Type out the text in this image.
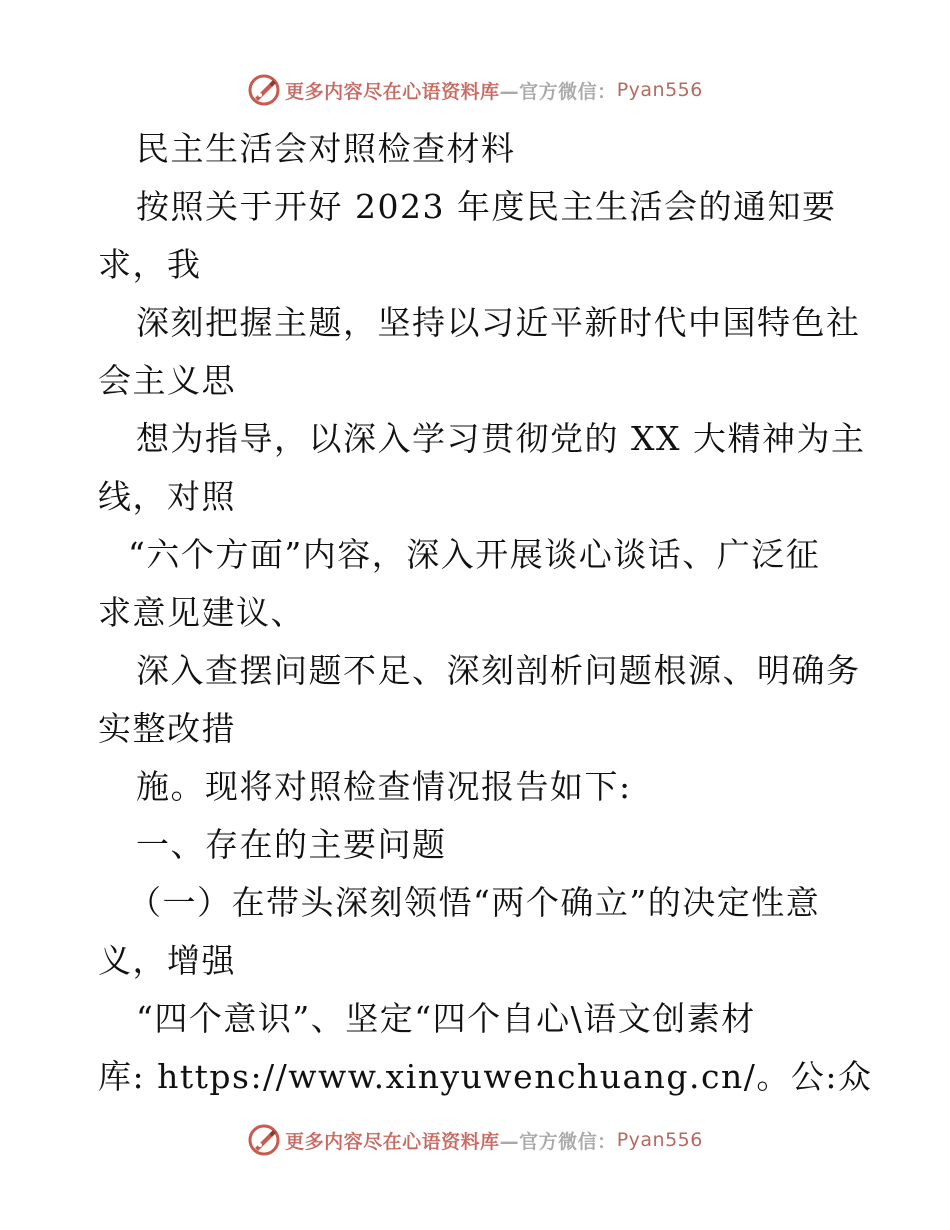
更多内容尽在心语资料库 —官方微信： Pyan556
民主生活会对照检查材料
按照关于开好 2023 年度民主生活会的通知要
求，我
深刻把握主题，坚持以习近平新时代中国特色社
会主义思
想为指导，以深入学习贯彻党的 XX 大精神为主
线，对照
“六个方面”内容，深入开展谈心谈话、广泛征
求意见建议、
深入查摆问题不足、深刻剖析问题根源、明确务
实整改措
施。现将对照检查情况报告如下:
一、存在的主要问题
（一）在带头深刻领悟“两个确立”的决定性意
义，增强
“四个意识”、坚定“四个自心\语文创素材
库: https://www.xinyuwenchuang.cn/。公:众
更多内容尽在心语资料库 —官方微信： Pyan556
